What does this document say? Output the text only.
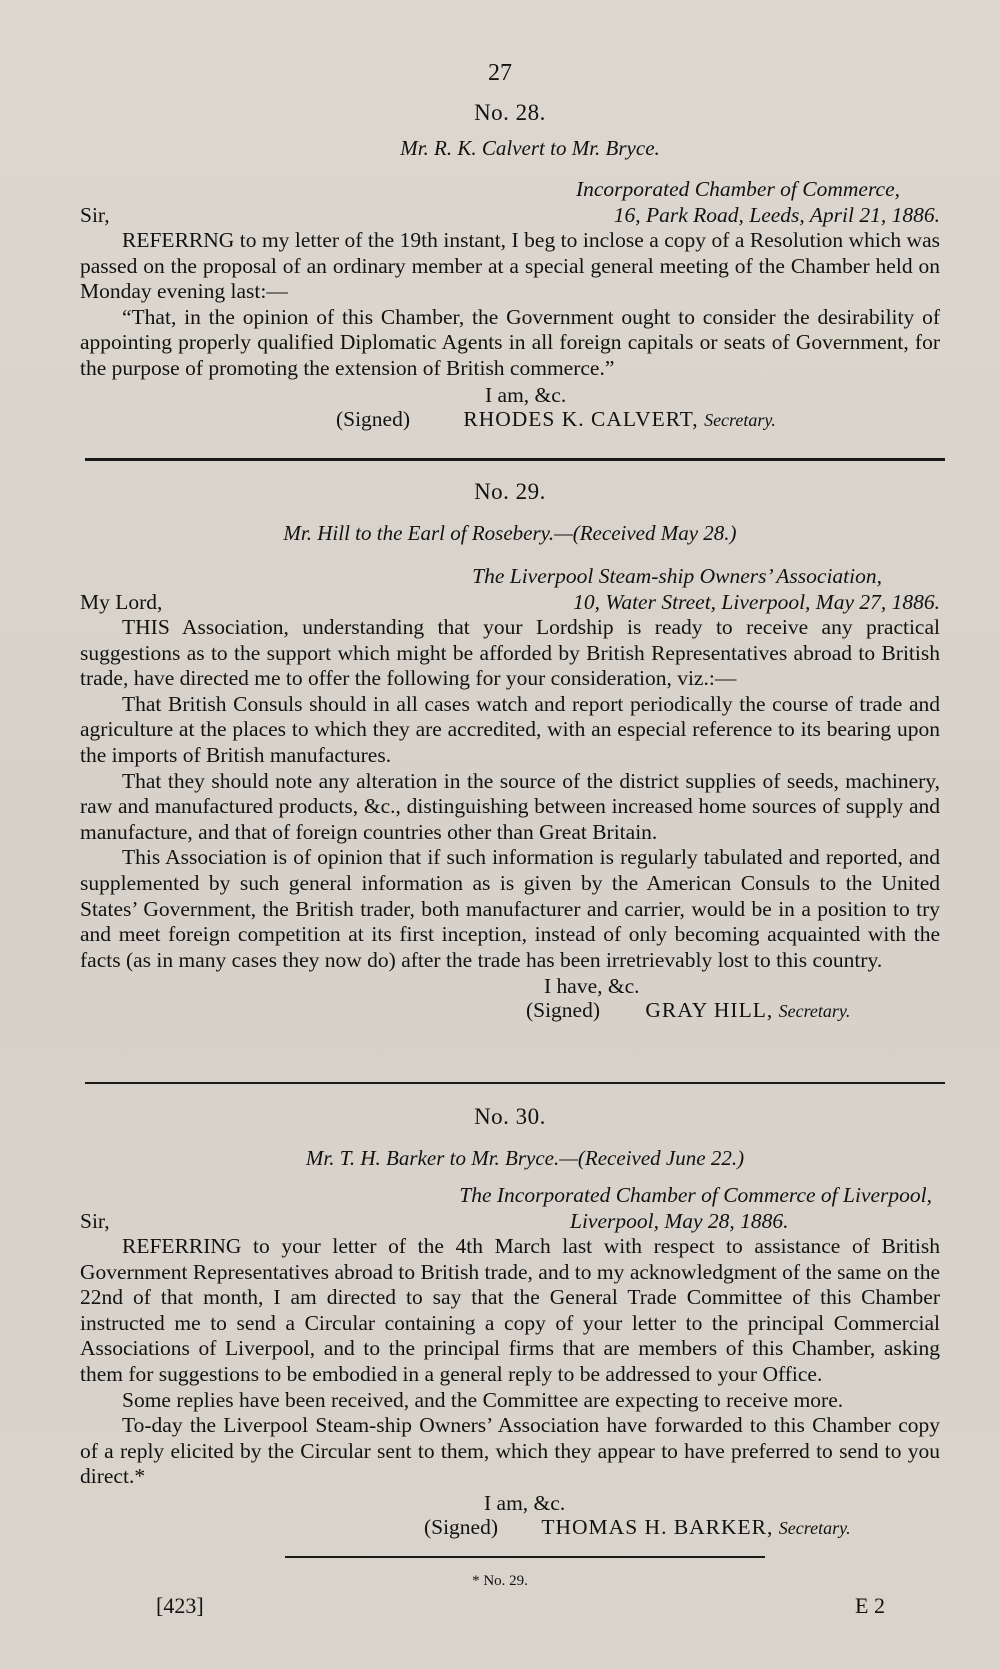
27
No. 28.
Mr. R. K. Calvert to Mr. Bryce.
Incorporated Chamber of Commerce,
Sir,	16, Park Road, Leeds, April 21, 1886.

REFERRNG to my letter of the 19th instant, I beg to inclose a copy of a Resolution which was passed on the proposal of an ordinary member at a special general meeting of the Chamber held on Monday evening last:—

“That, in the opinion of this Chamber, the Government ought to consider the desirability of appointing properly qualified Diplomatic Agents in all foreign capitals or seats of Government, for the purpose of promoting the extension of British commerce.”

I am, &c.
(Signed) RHODES K. CALVERT, Secretary.
No. 29.
Mr. Hill to the Earl of Rosebery.—(Received May 28.)
The Liverpool Steam-ship Owners’ Association,
My Lord,	10, Water Street, Liverpool, May 27, 1886.

THIS Association, understanding that your Lordship is ready to receive any practical suggestions as to the support which might be afforded by British Representatives abroad to British trade, have directed me to offer the following for your consideration, viz.:—

That British Consuls should in all cases watch and report periodically the course of trade and agriculture at the places to which they are accredited, with an especial reference to its bearing upon the imports of British manufactures.

That they should note any alteration in the source of the district supplies of seeds, machinery, raw and manufactured products, &c., distinguishing between increased home sources of supply and manufacture, and that of foreign countries other than Great Britain.

This Association is of opinion that if such information is regularly tabulated and reported, and supplemented by such general information as is given by the American Consuls to the United States’ Government, the British trader, both manufacturer and carrier, would be in a position to try and meet foreign competition at its first inception, instead of only becoming acquainted with the facts (as in many cases they now do) after the trade has been irretrievably lost to this country.

I have, &c.
(Signed) GRAY HILL, Secretary.
No. 30.
Mr. T. H. Barker to Mr. Bryce.—(Received June 22.)
The Incorporated Chamber of Commerce of Liverpool,
Sir,	Liverpool, May 28, 1886.

REFERRING to your letter of the 4th March last with respect to assistance of British Government Representatives abroad to British trade, and to my acknowledgment of the same on the 22nd of that month, I am directed to say that the General Trade Committee of this Chamber instructed me to send a Circular containing a copy of your letter to the principal Commercial Associations of Liverpool, and to the principal firms that are members of this Chamber, asking them for suggestions to be embodied in a general reply to be addressed to your Office.

Some replies have been received, and the Committee are expecting to receive more.

To-day the Liverpool Steam-ship Owners’ Association have forwarded to this Chamber copy of a reply elicited by the Circular sent to them, which they appear to have preferred to send to you direct.*

I am, &c.
(Signed) THOMAS H. BARKER, Secretary.
* No. 29.
[423]	E 2
